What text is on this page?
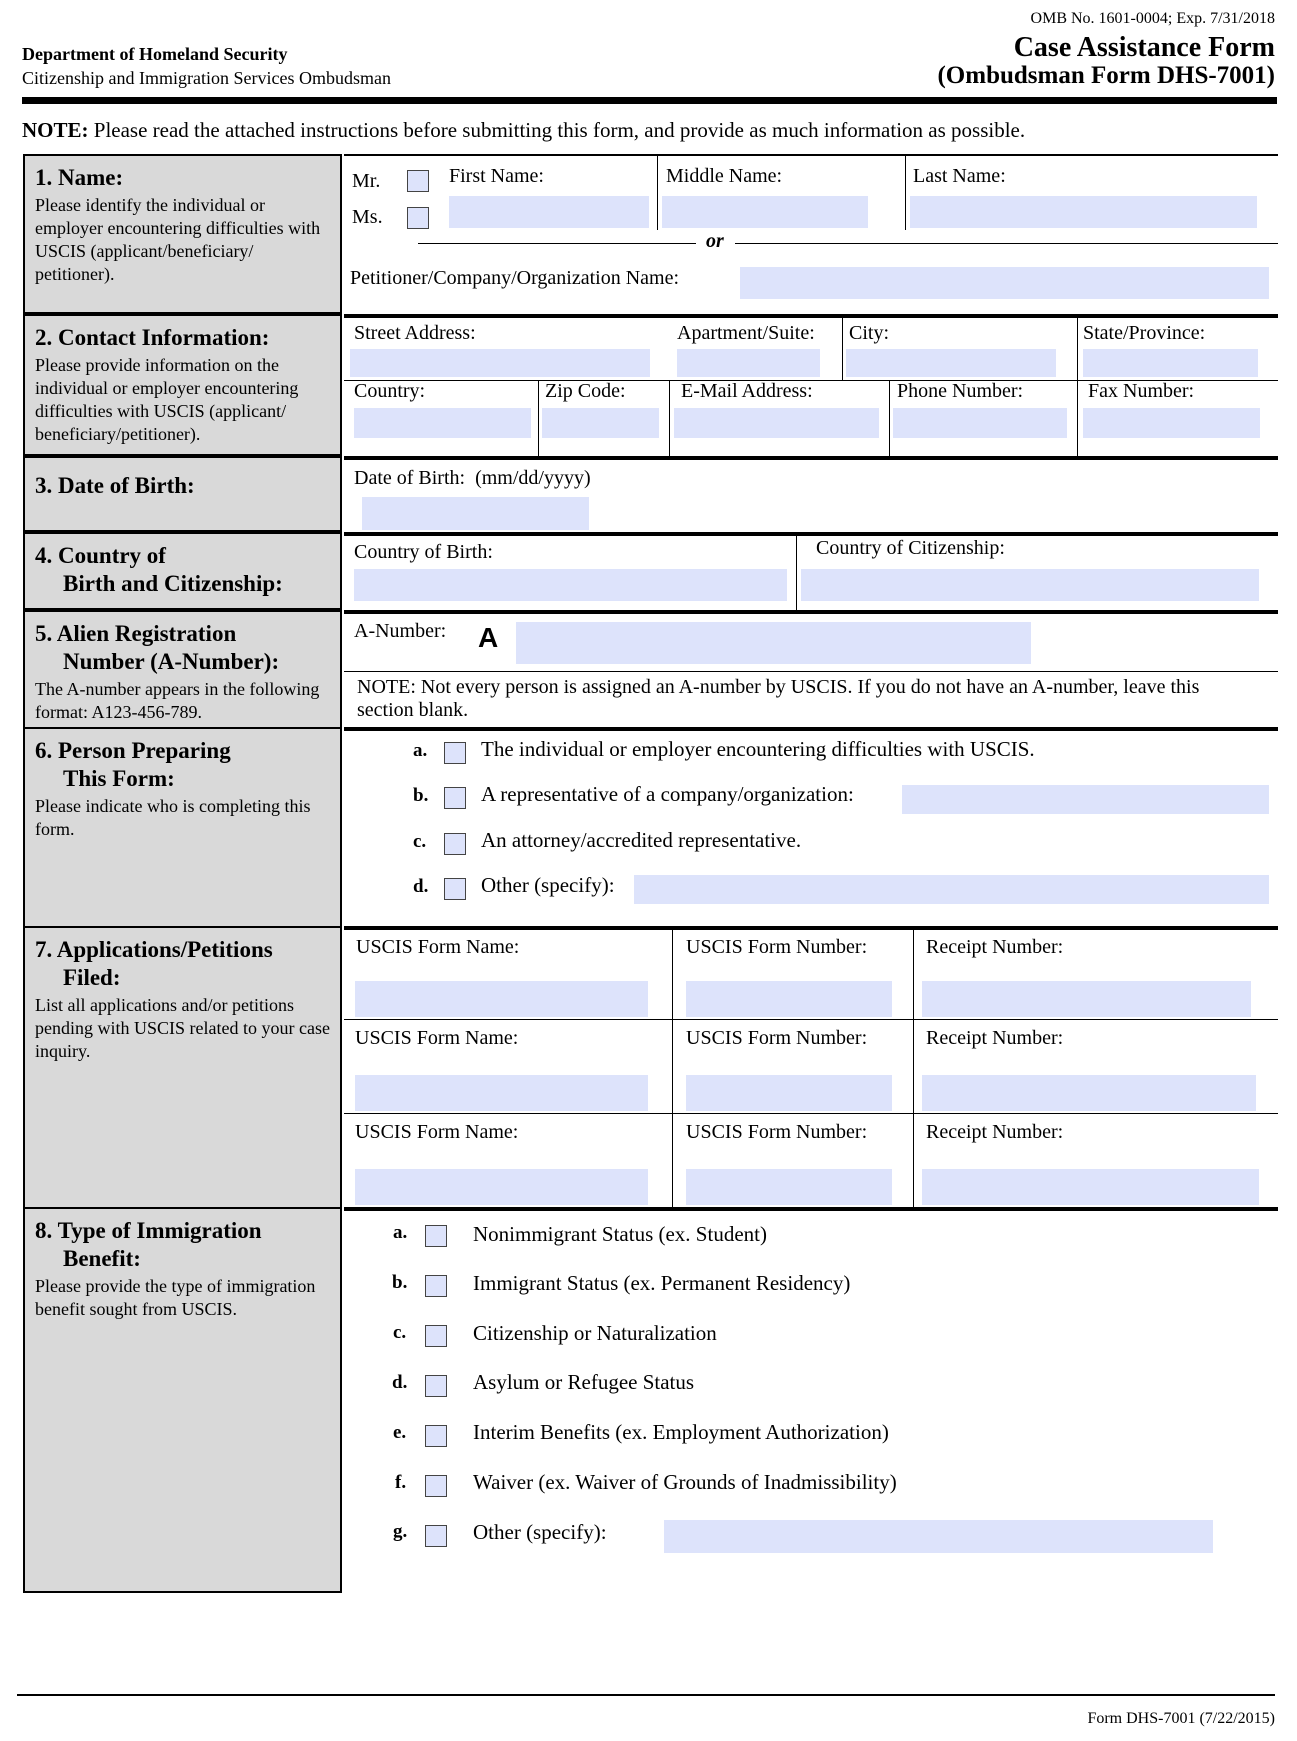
OMB No. 1601-0004; Exp. 7/31/2018
Case Assistance Form
(Ombudsman Form DHS-7001)
Department of Homeland Security
Citizenship and Immigration Services Ombudsman
NOTE: Please read the attached instructions before submitting this form, and provide as much information as possible.
1. Name:
Please identify the individual or employer encountering difficulties with USCIS (applicant/beneficiary/ petitioner).
Mr.
Ms.
First Name:	Middle Name:	Last Name:
or
Petitioner/Company/Organization Name:
2. Contact Information:
Please provide information on the individual or employer encountering difficulties with USCIS (applicant/ beneficiary/petitioner).
Street Address:	Apartment/Suite: City:	State/Province:
Country:	Zip Code:	E-Mail Address:	Phone Number:	Fax Number:
3. Date of Birth:	Date of Birth: (mm/dd/yyyy)
4. Country of
Birth and Citizenship:
Country of Birth:	Country of Citizenship:
5. Alien Registration
Number (A-Number):
The A-number appears in the following format: A123-456-789.
A-Number: A
NOTE: Not every person is assigned an A-number by USCIS. If you do not have an A-number, leave this section blank.
6. Person Preparing
This Form:
Please indicate who is completing this form.
a.	The individual or employer encountering difficulties with USCIS.
b.	A representative of a company/organization:
c.	An attorney/accredited representative.
d.	Other (specify):
7. Applications/Petitions
Filed:
List all applications and/or petitions pending with USCIS related to your case inquiry.
USCIS Form Name:	USCIS Form Number:	Receipt Number:
USCIS Form Name:	USCIS Form Number:	Receipt Number:
USCIS Form Name:	USCIS Form Number:	Receipt Number:
8. Type of Immigration
Benefit:
Please provide the type of immigration benefit sought from USCIS.
a.	Nonimmigrant Status (ex. Student)
b.	Immigrant Status (ex. Permanent Residency)
c.	Citizenship or Naturalization
d.	Asylum or Refugee Status
e.	Interim Benefits (ex. Employment Authorization)
f.	Waiver (ex. Waiver of Grounds of Inadmissibility)
g.	Other (specify):
Form DHS-7001 (7/22/2015)
